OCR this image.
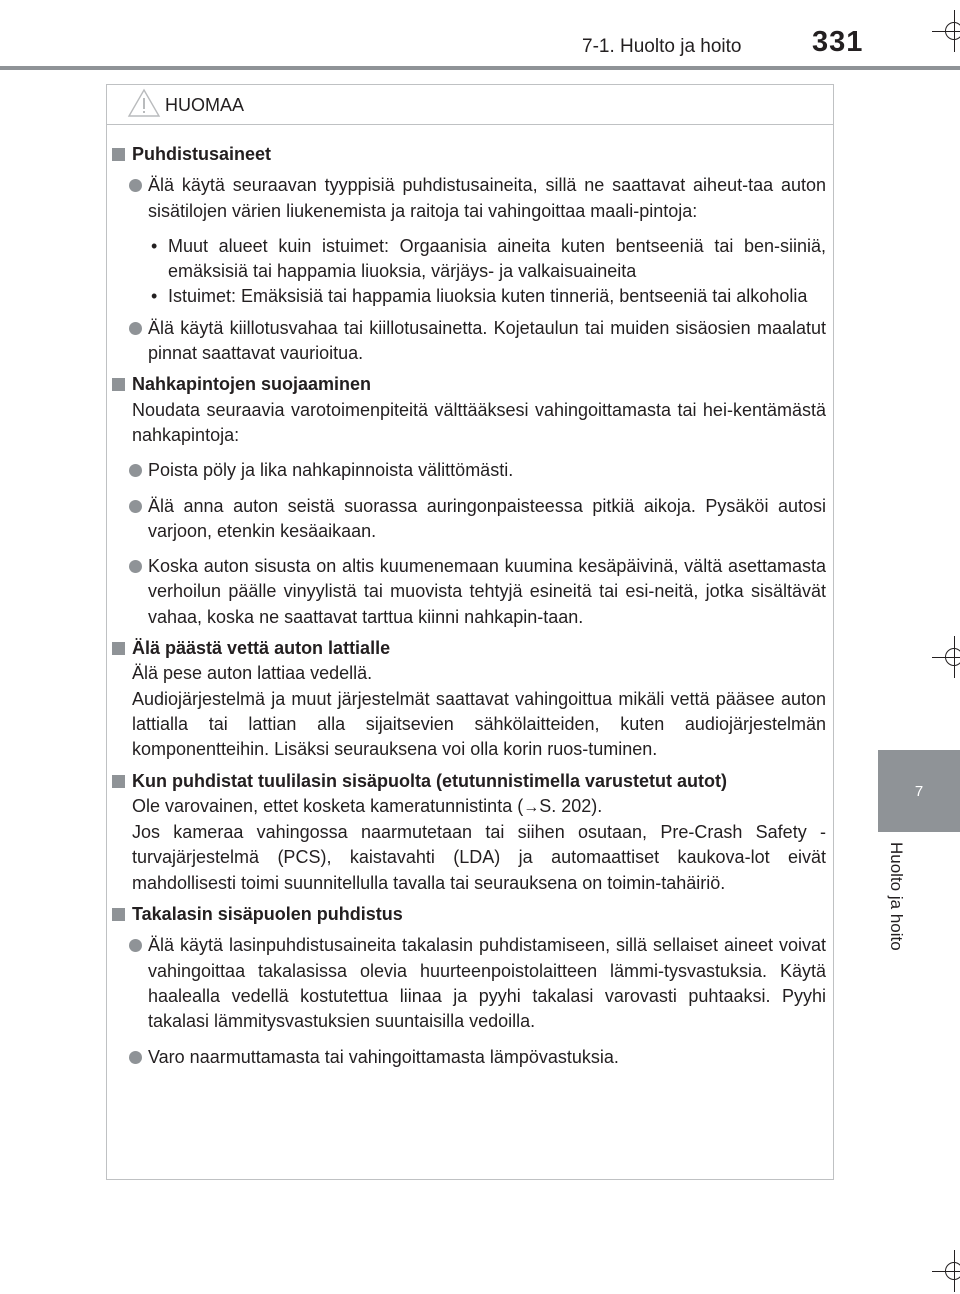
7-1. Huolto ja hoito 331
7
Huolto ja hoito
HUOMAA

Puhdistusaineet

Älä käytä seuraavan tyyppisiä puhdistusaineita, sillä ne saattavat aiheut-taa auton sisätilojen värien liukenemista ja raitoja tai vahingoittaa maali-pintoja:

• Muut alueet kuin istuimet: Orgaanisia aineita kuten bentseeniä tai ben-siiniä, emäksisiä tai happamia liuoksia, värjäys- ja valkaisuaineita

• Istuimet: Emäksisiä tai happamia liuoksia kuten tinneriä, bentseeniä tai alkoholia

Älä käytä kiillotusvahaa tai kiillotusainetta. Kojetaulun tai muiden sisäosien maalatut pinnat saattavat vaurioitua.

Nahkapintojen suojaaminen

Noudata seuraavia varotoimenpiteitä välttääksesi vahingoittamasta tai hei-kentämästä nahkapintoja:

Poista pöly ja lika nahkapinnoista välittömästi.

Älä anna auton seistä suorassa auringonpaisteessa pitkiä aikoja. Pysäköi autosi varjoon, etenkin kesäaikaan.

Koska auton sisusta on altis kuumenemaan kuumina kesäpäivinä, vältä asettamasta verhoilun päälle vinyylistä tai muovista tehtyjä esineitä tai esi-neitä, jotka sisältävät vahaa, koska ne saattavat tarttua kiinni nahkapin-taan.

Älä päästä vettä auton lattialle

Älä pese auton lattiaa vedellä.

Audiojärjestelmä ja muut järjestelmät saattavat vahingoittua mikäli vettä pääsee auton lattialla tai lattian alla sijaitsevien sähkölaitteiden, kuten audiojärjestelmän komponentteihin. Lisäksi seurauksena voi olla korin ruos-tuminen.

Kun puhdistat tuulilasin sisäpuolta (etutunnistimella varustetut autot)

Ole varovainen, ettet kosketa kameratunnistinta (→S. 202).

Jos kameraa vahingossa naarmutetaan tai siihen osutaan, Pre-Crash Safety -turvajärjestelmä (PCS), kaistavahti (LDA) ja automaattiset kaukova-lot eivät mahdollisesti toimi suunnitellulla tavalla tai seurauksena on toimin-tahäiriö.

Takalasin sisäpuolen puhdistus

Älä käytä lasinpuhdistusaineita takalasin puhdistamiseen, sillä sellaiset aineet voivat vahingoittaa takalasissa olevia huurteenpoistolaitteen lämmi-tysvastuksia. Käytä haalealla vedellä kostutettua liinaa ja pyyhi takalasi varovasti puhtaaksi. Pyyhi takalasi lämmitysvastuksien suuntaisilla vedoilla.

Varo naarmuttamasta tai vahingoittamasta lämpövastuksia.
